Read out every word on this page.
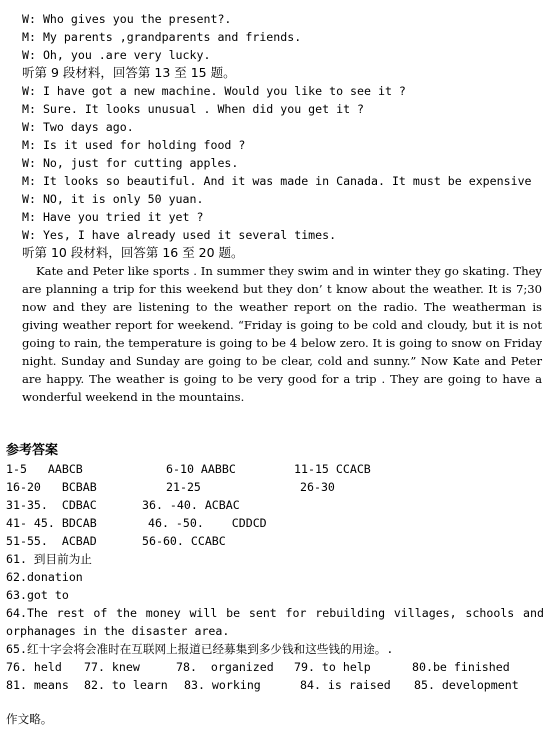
W: Who gives you the present?.
M: My parents ,grandparents and friends.
W: Oh, you .are very lucky.
听第 9 段材料，回答第 13 至 15 题。
W: I have got a new machine. Would you like to see it ?
M: Sure. It looks unusual . When did you get it ?
W: Two days ago.
M: Is it used for holding food ?
W: No, just for cutting apples.
M: It looks so beautiful. And it was made in Canada. It must be expensive
W: NO, it is only 50 yuan.
M: Have you tried it yet ?
W: Yes, I have already used it several times.
听第 10 段材料，回答第 16 至 20 题。
Kate and Peter like sports . In summer they swim and in winter they go skating. They are planning a trip for this weekend but they don’ t know about the weather. It is 7;30 now and they are listening to the weather report on the radio. The weatherman is giving weather report for weekend. “Friday is going to be cold and cloudy, but it is not going to rain, the temperature is going to be 4 below zero. It is going to snow on Friday night. Sunday and Sunday are going to be clear, cold and sunny.” Now Kate and Peter are happy. The weather is going to be very good for a trip . They are going to have a wonderful weekend in the mountains.
参考答案
1-5   AABCB	6-10 AABBC	11-15 CCACB
16-20   BCBAB	21-25	26-30
31-35.  CDBAC	36. -40. ACBAC
41- 45. BDCAB	46. -50.    CDDCD
51-55.  ACBAD	56-60. CCABC
61. 到目前为止
62.donation
63.got to
64.The rest of the money will be sent for rebuilding villages, schools and orphanages in the disaster area.
65.红十字会将会准时在互联网上报道已经募集到多少钱和这些钱的用途。.
76. held 77. knew	78.  organized 79. to help	80.be finished
81. means 82. to learn 83. working	84. is raised 85. development
作文略。
